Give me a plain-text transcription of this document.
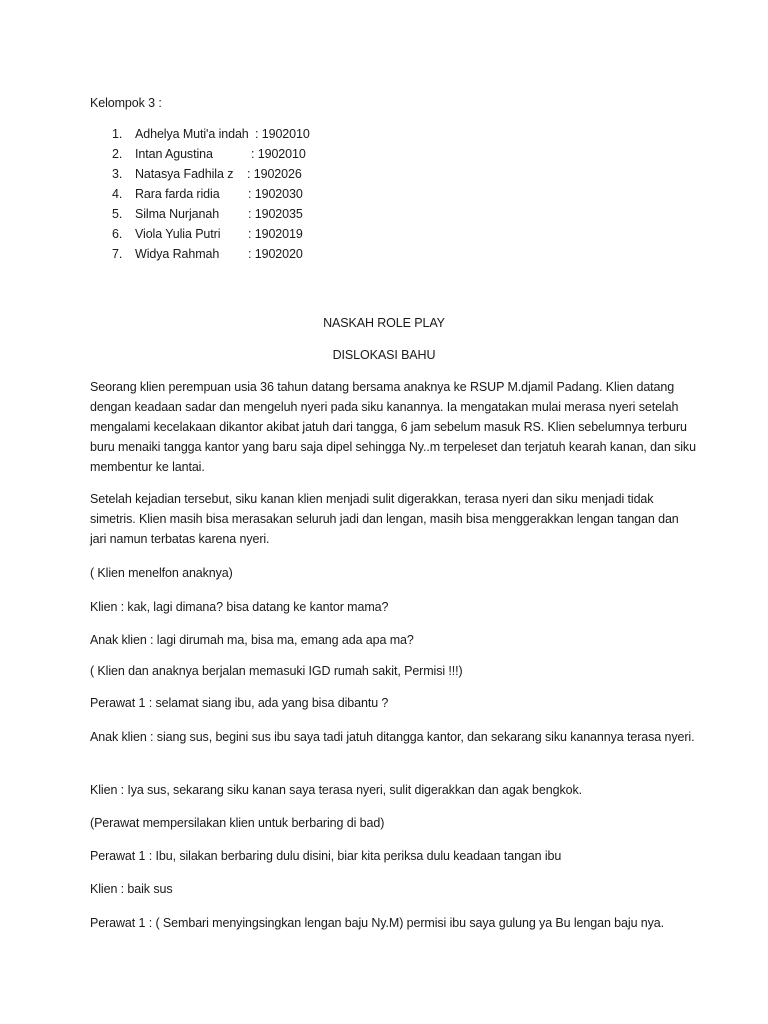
Kelompok 3 :

1.	Adhelya Muti'a indah : 1902010
2.	Intan Agustina	: 1902010
3.	Natasya Fadhila z : 1902026
4.	Rara farda ridia : 1902030
5.	Silma Nurjanah : 1902035
6.	Viola Yulia Putri : 1902019
7.	Widya Rahmah : 1902020

NASKAH ROLE PLAY

DISLOKASI BAHU

Seorang klien perempuan usia 36 tahun datang bersama anaknya ke RSUP M.djamil Padang. Klien datang dengan keadaan sadar dan mengeluh nyeri pada siku kanannya. Ia mengatakan mulai merasa nyeri setelah mengalami kecelakaan dikantor akibat jatuh dari tangga, 6 jam sebelum masuk RS. Klien sebelumnya terburu buru menaiki tangga kantor yang baru saja dipel sehingga Ny..m terpeleset dan terjatuh kearah kanan, dan siku membentur ke lantai.

Setelah kejadian tersebut, siku kanan klien menjadi sulit digerakkan, terasa nyeri dan siku menjadi tidak simetris. Klien masih bisa merasakan seluruh jadi dan lengan, masih bisa menggerakkan lengan tangan dan jari namun terbatas karena nyeri.

( Klien menelfon anaknya)

Klien : kak, lagi dimana? bisa datang ke kantor mama?

Anak klien : lagi dirumah ma, bisa ma, emang ada apa ma?

( Klien dan anaknya berjalan memasuki IGD rumah sakit, Permisi !!!)

Perawat 1 : selamat siang ibu, ada yang bisa dibantu ?

Anak klien : siang sus, begini sus ibu saya tadi jatuh ditangga kantor, dan sekarang siku kanannya terasa nyeri.

Klien : Iya sus, sekarang siku kanan saya terasa nyeri, sulit digerakkan dan agak bengkok.

(Perawat mempersilakan klien untuk berbaring di bad)

Perawat 1 : Ibu, silakan berbaring dulu disini, biar kita periksa dulu keadaan tangan ibu

Klien : baik sus

Perawat 1 : ( Sembari menyingsingkan lengan baju Ny.M) permisi ibu saya gulung ya Bu lengan baju nya.
